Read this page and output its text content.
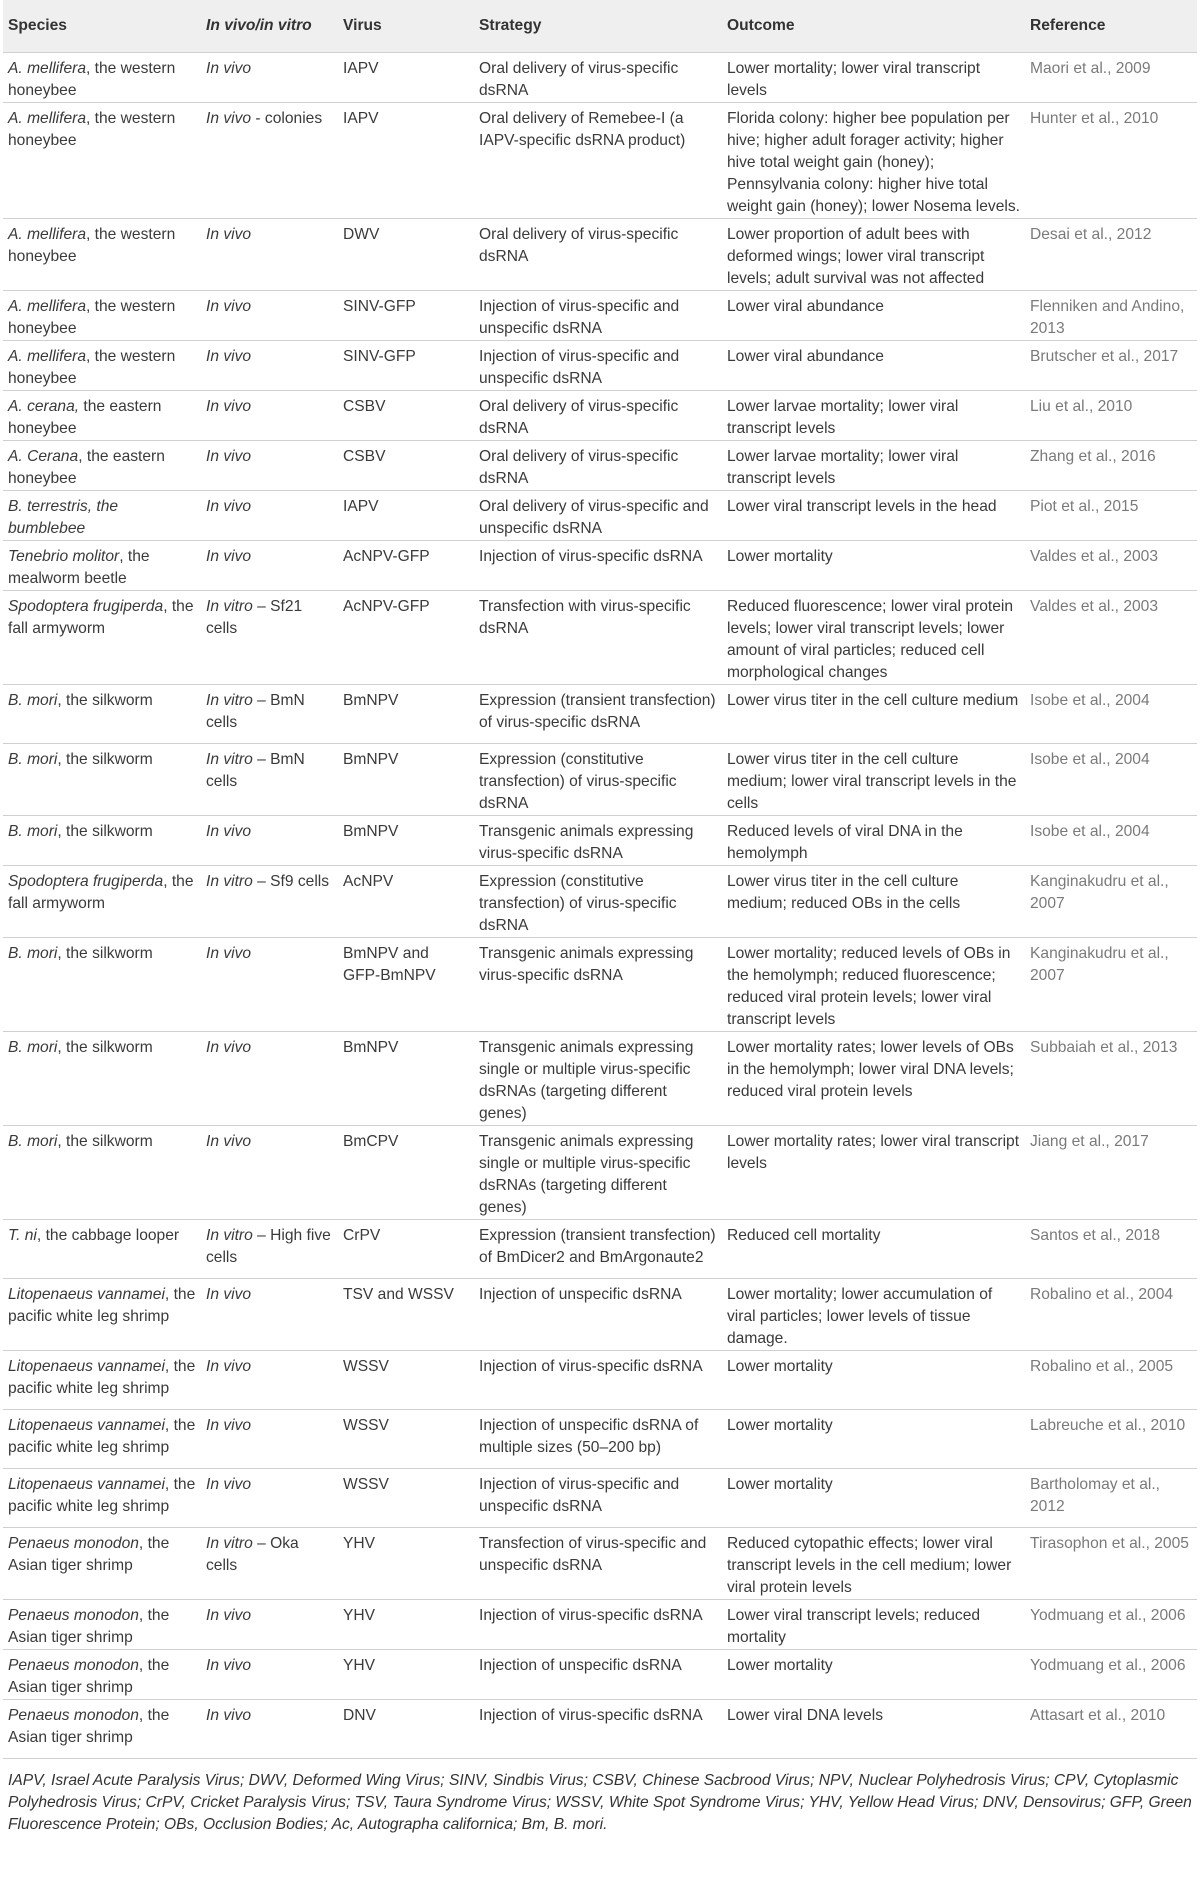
Species	In vivo/in vitro	Virus	Strategy	Outcome	Reference
A. mellifera, the western honeybee	In vivo	IAPV	Oral delivery of virus-specific dsRNA	Lower mortality; lower viral transcript levels	Maori et al., 2009
A. mellifera, the western honeybee	In vivo - colonies	IAPV	Oral delivery of Remebee-I (a IAPV-specific dsRNA product)	Florida colony: higher bee population per hive; higher adult forager activity; higher hive total weight gain (honey); Pennsylvania colony: higher hive total weight gain (honey); lower Nosema levels.	Hunter et al., 2010
A. mellifera, the western honeybee	In vivo	DWV	Oral delivery of virus-specific dsRNA	Lower proportion of adult bees with deformed wings; lower viral transcript levels; adult survival was not affected	Desai et al., 2012
A. mellifera, the western honeybee	In vivo	SINV-GFP	Injection of virus-specific and unspecific dsRNA	Lower viral abundance	Flenniken and Andino, 2013
A. mellifera, the western honeybee	In vivo	SINV-GFP	Injection of virus-specific and unspecific dsRNA	Lower viral abundance	Brutscher et al., 2017
A. cerana, the eastern honeybee	In vivo	CSBV	Oral delivery of virus-specific dsRNA	Lower larvae mortality; lower viral transcript levels	Liu et al., 2010
A. Cerana, the eastern honeybee	In vivo	CSBV	Oral delivery of virus-specific dsRNA	Lower larvae mortality; lower viral transcript levels	Zhang et al., 2016
B. terrestris, the bumblebee	In vivo	IAPV	Oral delivery of virus-specific and unspecific dsRNA	Lower viral transcript levels in the head	Piot et al., 2015
Tenebrio molitor, the mealworm beetle	In vivo	AcNPV-GFP	Injection of virus-specific dsRNA	Lower mortality	Valdes et al., 2003
Spodoptera frugiperda, the fall armyworm	In vitro – Sf21 cells	AcNPV-GFP	Transfection with virus-specific dsRNA	Reduced fluorescence; lower viral protein levels; lower viral transcript levels; lower amount of viral particles; reduced cell morphological changes	Valdes et al., 2003
B. mori, the silkworm	In vitro – BmN cells	BmNPV	Expression (transient transfection) of virus-specific dsRNA	Lower virus titer in the cell culture medium	Isobe et al., 2004
B. mori, the silkworm	In vitro – BmN cells	BmNPV	Expression (constitutive transfection) of virus-specific dsRNA	Lower virus titer in the cell culture medium; lower viral transcript levels in the cells	Isobe et al., 2004
B. mori, the silkworm	In vivo	BmNPV	Transgenic animals expressing virus-specific dsRNA	Reduced levels of viral DNA in the hemolymph	Isobe et al., 2004
Spodoptera frugiperda, the fall armyworm	In vitro – Sf9 cells	AcNPV	Expression (constitutive transfection) of virus-specific dsRNA	Lower virus titer in the cell culture medium; reduced OBs in the cells	Kanginakudru et al., 2007
B. mori, the silkworm	In vivo	BmNPV and GFP-BmNPV	Transgenic animals expressing virus-specific dsRNA	Lower mortality; reduced levels of OBs in the hemolymph; reduced fluorescence; reduced viral protein levels; lower viral transcript levels	Kanginakudru et al., 2007
B. mori, the silkworm	In vivo	BmNPV	Transgenic animals expressing single or multiple virus-specific dsRNAs (targeting different genes)	Lower mortality rates; lower levels of OBs in the hemolymph; lower viral DNA levels; reduced viral protein levels	Subbaiah et al., 2013
B. mori, the silkworm	In vivo	BmCPV	Transgenic animals expressing single or multiple virus-specific dsRNAs (targeting different genes)	Lower mortality rates; lower viral transcript levels	Jiang et al., 2017
T. ni, the cabbage looper	In vitro – High five cells	CrPV	Expression (transient transfection) of BmDicer2 and BmArgonaute2	Reduced cell mortality	Santos et al., 2018
Litopenaeus vannamei, the pacific white leg shrimp	In vivo	TSV and WSSV	Injection of unspecific dsRNA	Lower mortality; lower accumulation of viral particles; lower levels of tissue damage.	Robalino et al., 2004
Litopenaeus vannamei, the pacific white leg shrimp	In vivo	WSSV	Injection of virus-specific dsRNA	Lower mortality	Robalino et al., 2005
Litopenaeus vannamei, the pacific white leg shrimp	In vivo	WSSV	Injection of unspecific dsRNA of multiple sizes (50–200 bp)	Lower mortality	Labreuche et al., 2010
Litopenaeus vannamei, the pacific white leg shrimp	In vivo	WSSV	Injection of virus-specific and unspecific dsRNA	Lower mortality	Bartholomay et al., 2012
Penaeus monodon, the Asian tiger shrimp	In vitro – Oka cells	YHV	Transfection of virus-specific and unspecific dsRNA	Reduced cytopathic effects; lower viral transcript levels in the cell medium; lower viral protein levels	Tirasophon et al., 2005
Penaeus monodon, the Asian tiger shrimp	In vivo	YHV	Injection of virus-specific dsRNA	Lower viral transcript levels; reduced mortality	Yodmuang et al., 2006
Penaeus monodon, the Asian tiger shrimp	In vivo	YHV	Injection of unspecific dsRNA	Lower mortality	Yodmuang et al., 2006
Penaeus monodon, the Asian tiger shrimp	In vivo	DNV	Injection of virus-specific dsRNA	Lower viral DNA levels	Attasart et al., 2010
IAPV, Israel Acute Paralysis Virus; DWV, Deformed Wing Virus; SINV, Sindbis Virus; CSBV, Chinese Sacbrood Virus; NPV, Nuclear Polyhedrosis Virus; CPV, Cytoplasmic Polyhedrosis Virus; CrPV, Cricket Paralysis Virus; TSV, Taura Syndrome Virus; WSSV, White Spot Syndrome Virus; YHV, Yellow Head Virus; DNV, Densovirus; GFP, Green Fluorescence Protein; OBs, Occlusion Bodies; Ac, Autographa californica; Bm, B. mori.
